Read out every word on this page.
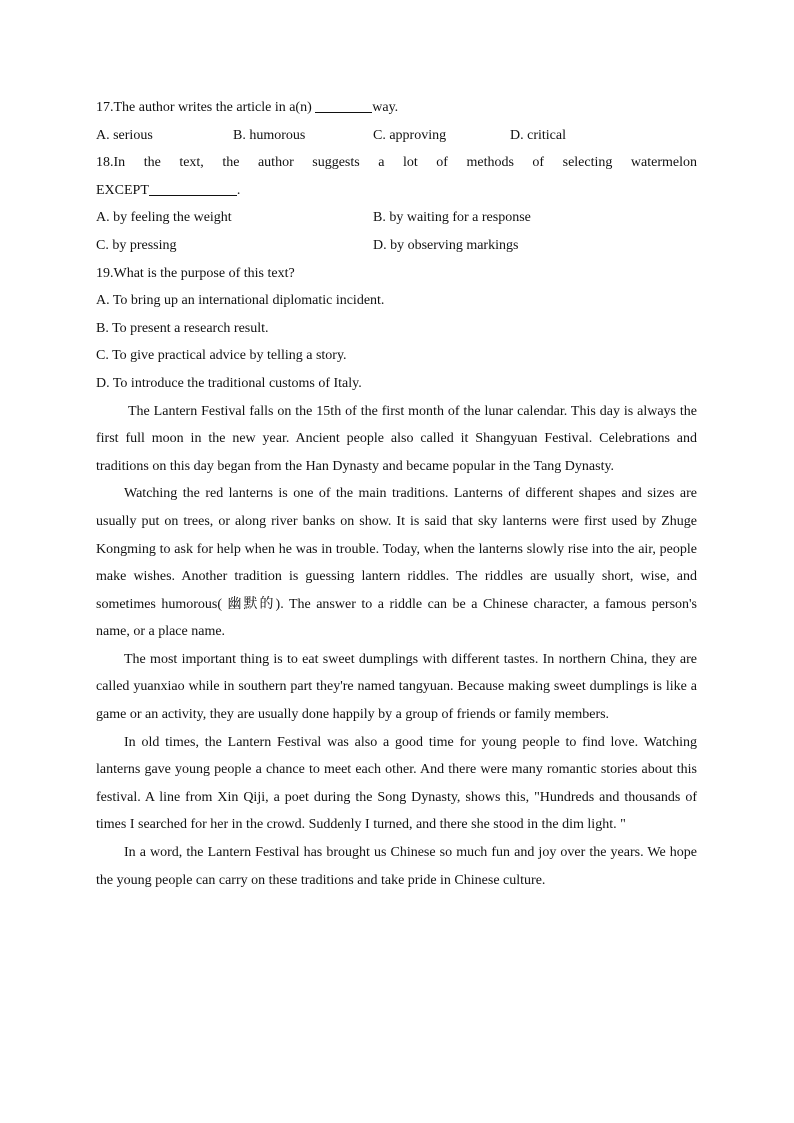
17.The author writes the article in a(n)	way.
A. serious	B. humorous	C. approving	D. critical
18.In the text, the author suggests a lot of methods of selecting watermelon
EXCEPT	.
A. by feeling the weight	B. by waiting for a response
C. by pressing	D. by observing markings
19.What is the purpose of this text?
A. To bring up an international diplomatic incident.
B. To present a research result.
C. To give practical advice by telling a story.
D. To introduce the traditional customs of Italy.

The Lantern Festival falls on the 15th of the first month of the lunar calendar. This day is always the first full moon in the new year. Ancient people also called it Shangyuan Festival. Celebrations and traditions on this day began from the Han Dynasty and became popular in the Tang Dynasty.

Watching the red lanterns is one of the main traditions. Lanterns of different shapes and sizes are usually put on trees, or along river banks on show. It is said that sky lanterns were first used by Zhuge Kongming to ask for help when he was in trouble. Today, when the lanterns slowly rise into the air, people make wishes. Another tradition is guessing lantern riddles. The riddles are usually short, wise, and sometimes humorous( 幽默的). The answer to a riddle can be a Chinese character, a famous person's name, or a place name.

The most important thing is to eat sweet dumplings with different tastes. In northern China, they are called yuanxiao while in southern part they're named tangyuan. Because making sweet dumplings is like a game or an activity, they are usually done happily by a group of friends or family members.

In old times, the Lantern Festival was also a good time for young people to find love. Watching lanterns gave young people a chance to meet each other. And there were many romantic stories about this festival. A line from Xin Qiji, a poet during the Song Dynasty, shows this, "Hundreds and thousands of times I searched for her in the crowd. Suddenly I turned, and there she stood in the dim light. "

In a word, the Lantern Festival has brought us Chinese so much fun and joy over the years. We hope the young people can carry on these traditions and take pride in Chinese culture.
